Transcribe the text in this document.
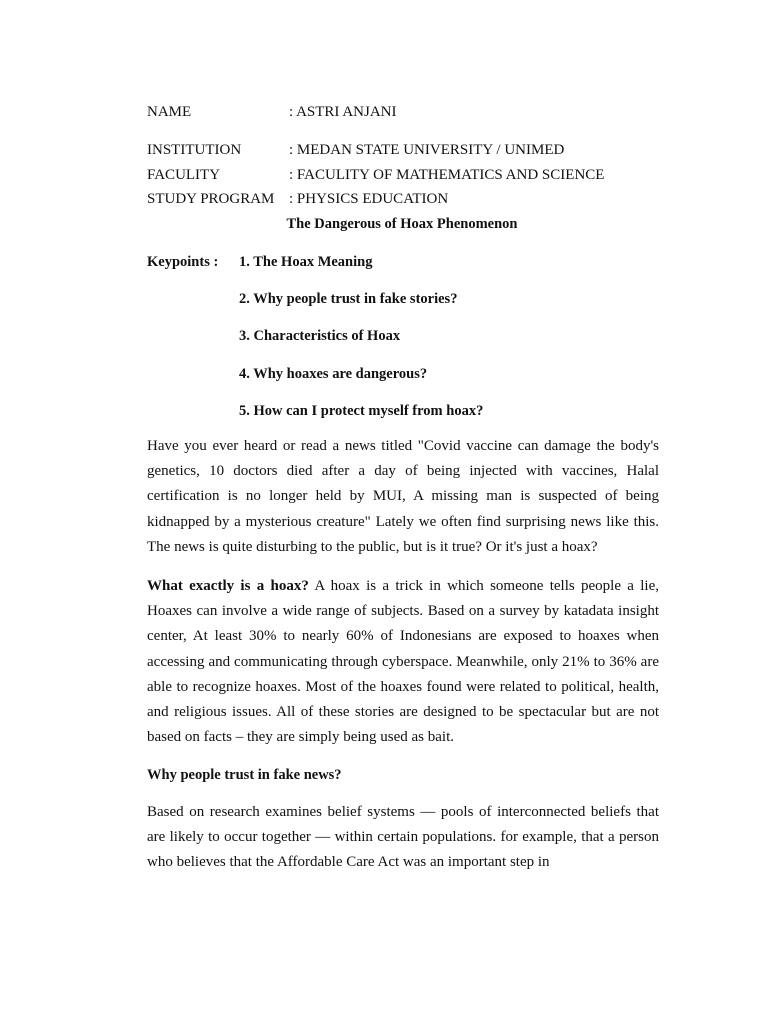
NAME	: ASTRI ANJANI
INSTITUTION	: MEDAN STATE UNIVERSITY / UNIMED
FACULITY	: FACULITY OF MATHEMATICS AND SCIENCE
STUDY PROGRAM : PHYSICS EDUCATION
The Dangerous of Hoax Phenomenon
Keypoints : 1. The Hoax Meaning
2. Why people trust in fake stories?
3. Characteristics of Hoax
4. Why hoaxes are dangerous?
5. How can I protect myself from hoax?

Have you ever heard or read a news titled "Covid vaccine can damage the body's genetics, 10 doctors died after a day of being injected with vaccines, Halal certification is no longer held by MUI, A missing man is suspected of being kidnapped by a mysterious creature" Lately we often find surprising news like this. The news is quite disturbing to the public, but is it true? Or it's just a hoax?

What exactly is a hoax? A hoax is a trick in which someone tells people a lie, Hoaxes can involve a wide range of subjects. Based on a survey by katadata insight center, At least 30% to nearly 60% of Indonesians are exposed to hoaxes when accessing and communicating through cyberspace. Meanwhile, only 21% to 36% are able to recognize hoaxes. Most of the hoaxes found were related to political, health, and religious issues. All of these stories are designed to be spectacular but are not based on facts – they are simply being used as bait.

Why people trust in fake news?

Based on research examines belief systems — pools of interconnected beliefs that are likely to occur together — within certain populations. for example, that a person who believes that the Affordable Care Act was an important step in
